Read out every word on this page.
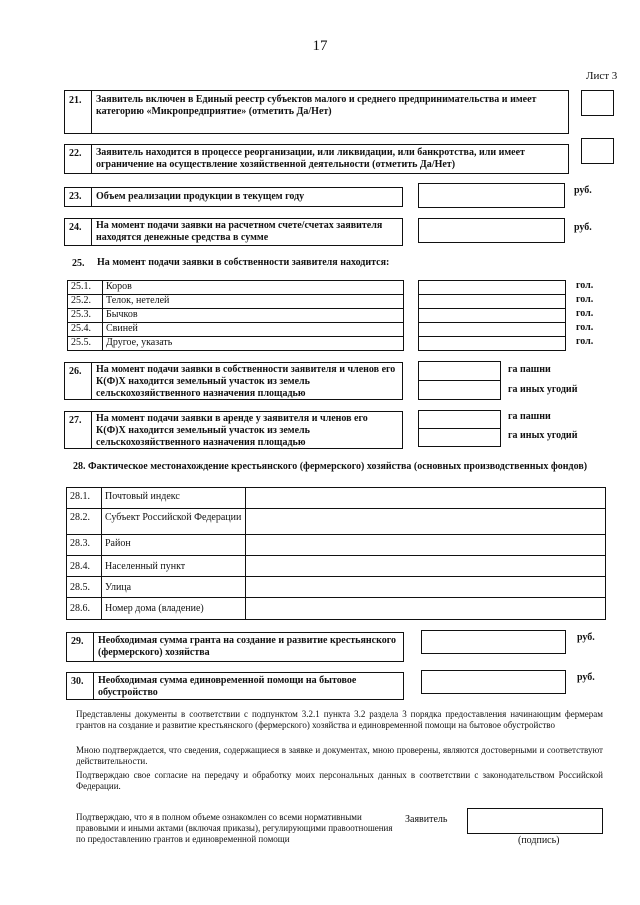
17
Лист 3
21. Заявитель включен в Единый реестр субъектов малого и среднего предпринимательства и имеет категорию «Микропредприятие» (отметить Да/Нет)
22. Заявитель находится в процессе реорганизации, или ликвидации, или банкротства, или имеет ограничение на осуществление хозяйственной деятельности (отметить Да/Нет)
23. Объем реализации продукции в текущем году
руб.
24. На момент подачи заявки на расчетном счете/счетах заявителя находятся денежные средства в сумме
руб.
25. На момент подачи заявки в собственности заявителя находится:
25.1.	Коров
25.2.	Телок, нетелей
25.3.	Бычков
25.4.	Свиней
25.5.	Другое, указать

гол.
гол.
гол.
гол.
гол.
26. На момент подачи заявки в собственности заявителя и членов его К(Ф)Х находится земельный участок из земель сельскохозяйственного назначения площадью
га пашни
га иных угодий
27. На момент подачи заявки в аренде у заявителя и членов его К(Ф)Х находится земельный участок из земель сельскохозяйственного назначения площадью
га пашни
га иных угодий
28. Фактическое местонахождение крестьянского (фермерского) хозяйства (основных производственных фондов)
28.1.	Почтовый индекс	
28.2.	Субъект Российской Федерации	
28.3.	Район	
28.4.	Населенный пункт	
28.5.	Улица	
28.6.	Номер дома (владение)	
29. Необходимая сумма гранта на создание и развитие крестьянского (фермерского) хозяйства
руб.
30. Необходимая сумма единовременной помощи на бытовое обустройство
руб.
Представлены документы в соответствии с подпунктом 3.2.1 пункта 3.2 раздела 3 порядка предоставления начинающим фермерам грантов на создание и развитие крестьянского (фермерского) хозяйства и единовременной помощи на бытовое обустройство
Мною подтверждается, что сведения, содержащиеся в заявке и документах, мною проверены, являются достоверными и соответствуют действительности.
Подтверждаю свое согласие на передачу и обработку моих персональных данных в соответствии с законодательством Российской Федерации.
Подтверждаю, что я в полном объеме ознакомлен со всеми нормативными правовыми и иными актами (включая приказы), регулирующими правоотношения по предоставлению грантов и единовременной помощи
Заявитель
(подпись)
